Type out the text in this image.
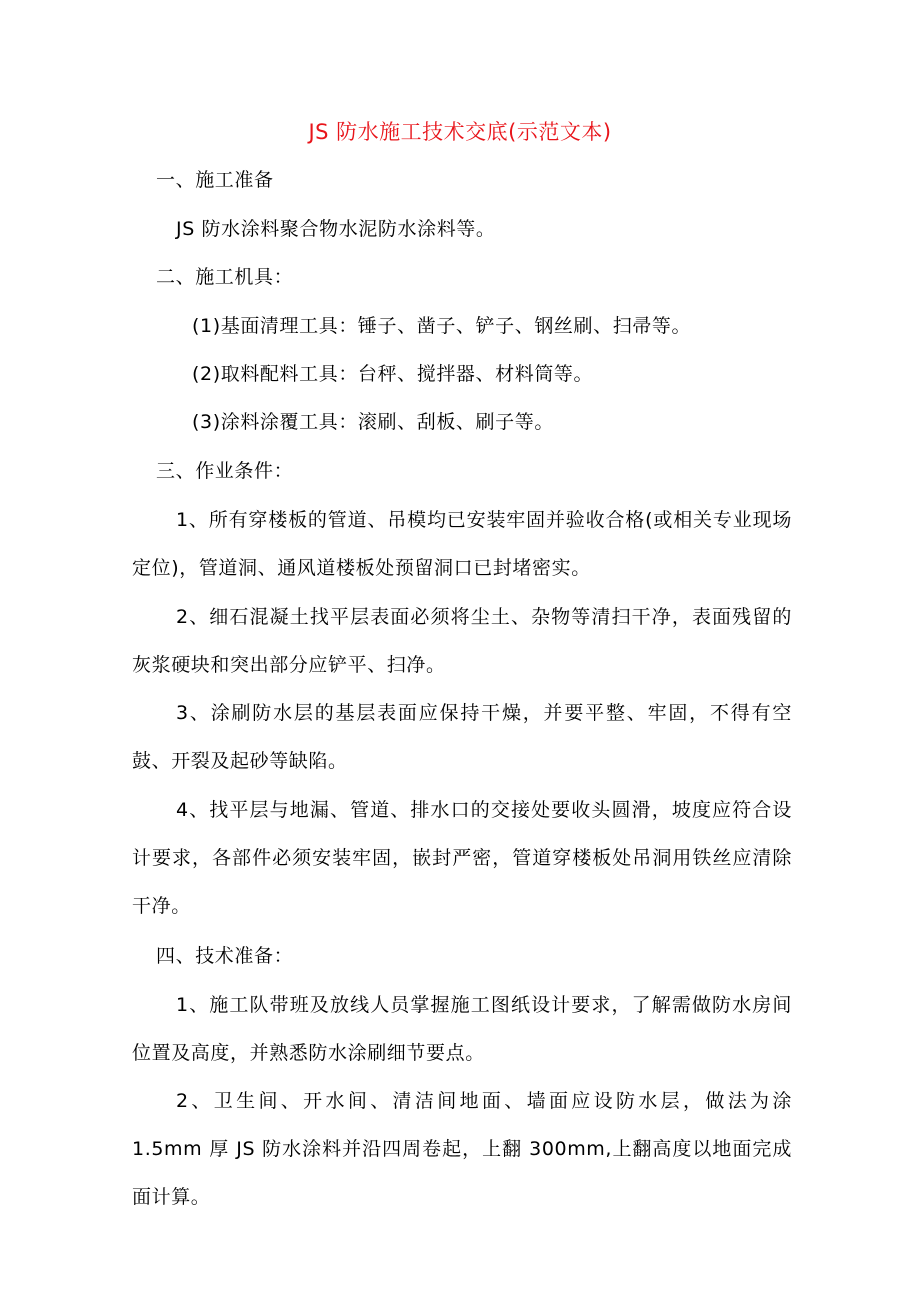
JS 防水施工技术交底(示范文本)
一、施工准备
JS 防水涂料聚合物水泥防水涂料等。
二、施工机具：
(1)基面清理工具：锤子、凿子、铲子、钢丝刷、扫帚等。
(2)取料配料工具：台秤、搅拌器、材料筒等。
(3)涂料涂覆工具：滚刷、刮板、刷子等。
三、作业条件：
1、所有穿楼板的管道、吊模均已安装牢固并验收合格(或相关专业现场定位)，管道洞、通风道楼板处预留洞口已封堵密实。
2、细石混凝土找平层表面必须将尘土、杂物等清扫干净，表面残留的灰浆硬块和突出部分应铲平、扫净。
3、涂刷防水层的基层表面应保持干燥，并要平整、牢固，不得有空鼓、开裂及起砂等缺陷。
4、找平层与地漏、管道、排水口的交接处要收头圆滑，坡度应符合设计要求，各部件必须安装牢固，嵌封严密，管道穿楼板处吊洞用铁丝应清除干净。
四、技术准备：
1、施工队带班及放线人员掌握施工图纸设计要求，了解需做防水房间位置及高度，并熟悉防水涂刷细节要点。
2、卫生间、开水间、清洁间地面、墙面应设防水层，做法为涂 1.5mm 厚 JS 防水涂料并沿四周卷起，上翻 300mm,上翻高度以地面完成面计算。
